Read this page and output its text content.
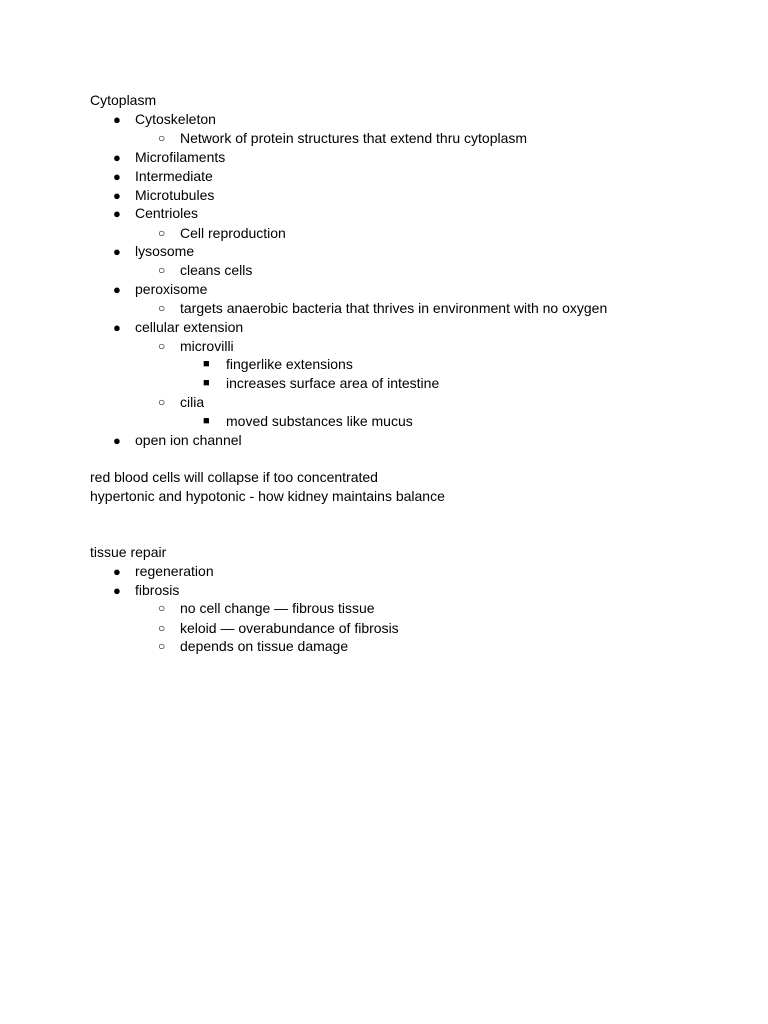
Cytoplasm
● Cytoskeleton
○ Network of protein structures that extend thru cytoplasm
● Microfilaments
● Intermediate
● Microtubules
● Centrioles
○ Cell reproduction
● lysosome
○ cleans cells
● peroxisome
○ targets anaerobic bacteria that thrives in environment with no oxygen
● cellular extension
○ microvilli
■ fingerlike extensions
■ increases surface area of intestine
○ cilia
■ moved substances like mucus
● open ion channel
red blood cells will collapse if too concentrated
hypertonic and hypotonic - how kidney maintains balance
tissue repair
● regeneration
● fibrosis
○ no cell change — fibrous tissue
○ keloid — overabundance of fibrosis
○ depends on tissue damage
